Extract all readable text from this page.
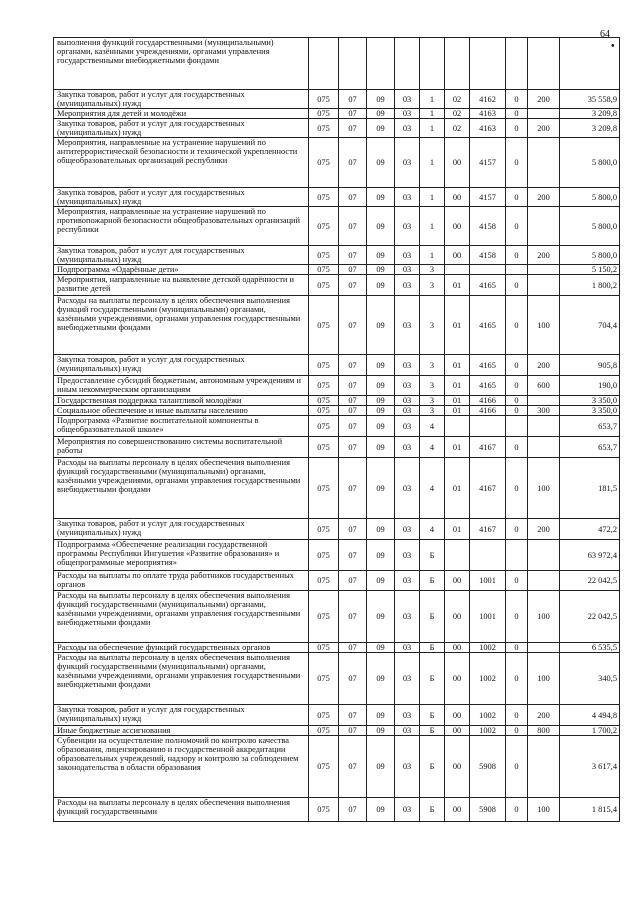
64
•
выполнения функций государственными (муниципальными) органами, казёнными учреждениями, органами управления государственными внебюджетными фондами										
Закупка товаров, работ и услуг для государственных (муниципальных) нужд	075	07	09	03	1	02	4162	0	200	35 558,9
Мероприятия для детей и молодёжи	075	07	09	03	1	02	4163	0		3 209,8
Закупка товаров, работ и услуг для государственных (муниципальных) нужд	075	07	09	03	1	02	4163	0	200	3 209,8
Мероприятия, направленные на устранение нарушений по антитеррористической безопасности и технической укрепленности общеобразовательных организаций республики	075	07	09	03	1	00	4157	0		5 800,0
Закупка товаров, работ и услуг для государственных (муниципальных) нужд	075	07	09	03	1	00	4157	0	200	5 800,0
Мероприятия, направленные на устранение нарушений по противопожарной безопасности общеобразовательных организаций республики	075	07	09	03	1	00	4158	0		5 800,0
Закупка товаров, работ и услуг для государственных (муниципальных) нужд	075	07	09	03	1	00	4158	0	200	5 800,0
Подпрограмма «Одарённые дети»	075	07	09	03	3					5 150,2
Мероприятия, направленные на выявление детской одарённости и развитие детей	075	07	09	03	3	01	4165	0		1 800,2
Расходы на выплаты персоналу в целях обеспечения выполнения функций государственными (муниципальными) органами, казёнными учреждениями, органами управления государственными внебюджетными фондами	075	07	09	03	3	01	4165	0	100	704,4
Закупка товаров, работ и услуг для государственных (муниципальных) нужд	075	07	09	03	3	01	4165	0	200	905,8
Предоставление субсидий бюджетным, автономным учреждениям и иным некоммерческим организациям	075	07	09	03	3	01	4165	0	600	190,0
Государственная поддержка талантливой молодёжи	075	07	09	03	3	01	4166	0		3 350,0
Социальное обеспечение и иные выплаты населению	075	07	09	03	3	01	4166	0	300	3 350,0
Подпрограмма «Развитие воспитательной компоненты в общеобразовательной школе»	075	07	09	03	4					653,7
Мероприятия по совершенствованию системы воспитательной работы	075	07	09	03	4	01	4167	0		653,7
Расходы на выплаты персоналу в целях обеспечения выполнения функций государственными (муниципальными) органами, казёнными учреждениями, органами управления государственными внебюджетными фондами	075	07	09	03	4	01	4167	0	100	181,5
Закупка товаров, работ и услуг для государственных (муниципальных) нужд	075	07	09	03	4	01	4167	0	200	472,2
Подпрограмма «Обеспечение реализации государственной программы Республики Ингушетия «Развитие образования» и общепрограммные мероприятия»	075	07	09	03	Б					63 972,4
Расходы на выплаты по оплате труда работников государственных органов	075	07	09	03	Б	00	1001	0		22 042,5
Расходы на выплаты персоналу в целях обеспечения выполнения функций государственными (муниципальными) органами, казёнными учреждениями, органами управления государственными внебюджетными фондами	075	07	09	03	Б	00	1001	0	100	22 042,5
Расходы на обеспечение функций государственных органов	075	07	09	03	Б	00	1002	0		6 535,5
Расходы на выплаты персоналу в целях обеспечения выполнения функций государственными (муниципальными) органами, казёнными учреждениями, органами управления государственными внебюджетными фондами	075	07	09	03	Б	00	1002	0	100	340,5
Закупка товаров, работ и услуг для государственных (муниципальных) нужд	075	07	09	03	Б	00	1002	0	200	4 494,8
Иные бюджетные ассигнования	075	07	09	03	Б	00	1002	0	800	1 700,2
Субвенции на осуществление полномочий по контролю качества образования, лицензированию и государственной аккредитации образовательных учреждений, надзору и контролю за соблюдением законодательства в области образования	075	07	09	03	Б	00	5908	0		3 617,4
Расходы на выплаты персоналу в целях обеспечения выполнения функций государственными	075	07	09	03	Б	00	5908	0	100	1 815,4
